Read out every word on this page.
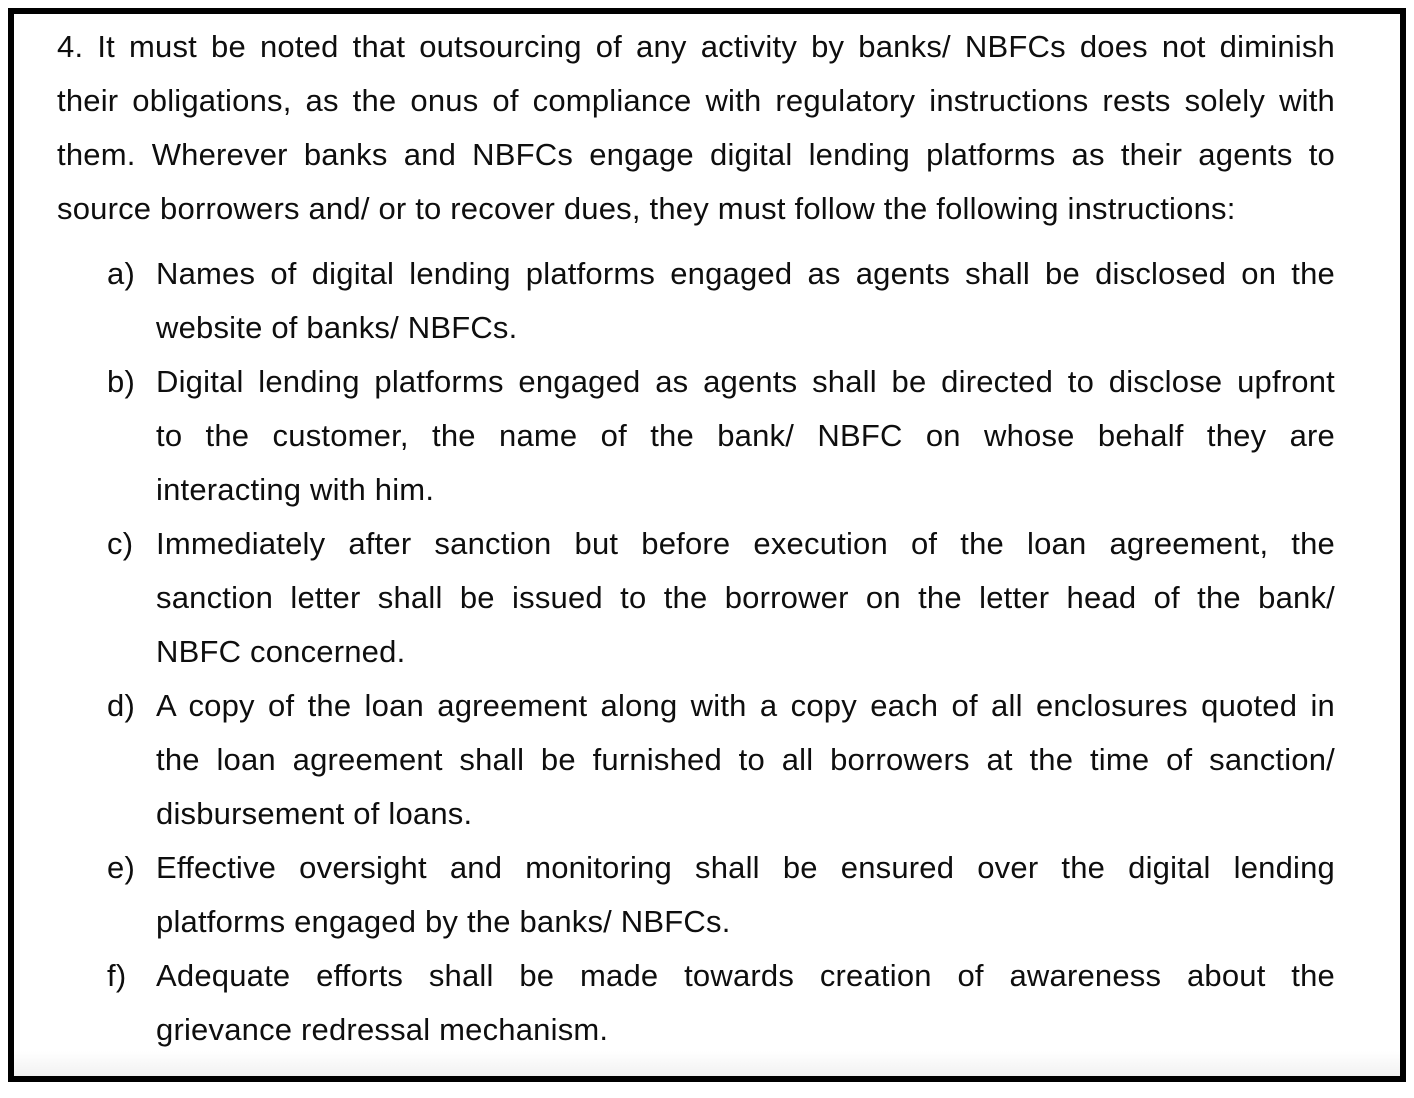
4. It must be noted that outsourcing of any activity by banks/ NBFCs does not diminish
their obligations, as the onus of compliance with regulatory instructions rests solely with
them. Wherever banks and NBFCs engage digital lending platforms as their agents to
source borrowers and/ or to recover dues, they must follow the following instructions:
a) Names of digital lending platforms engaged as agents shall be disclosed on the
website of banks/ NBFCs.
b) Digital lending platforms engaged as agents shall be directed to disclose upfront
to the customer, the name of the bank/ NBFC on whose behalf they are
interacting with him.
c) Immediately after sanction but before execution of the loan agreement, the
sanction letter shall be issued to the borrower on the letter head of the bank/
NBFC concerned.
d) A copy of the loan agreement along with a copy each of all enclosures quoted in
the loan agreement shall be furnished to all borrowers at the time of sanction/
disbursement of loans.
e) Effective oversight and monitoring shall be ensured over the digital lending
platforms engaged by the banks/ NBFCs.
f) Adequate efforts shall be made towards creation of awareness about the
grievance redressal mechanism.
